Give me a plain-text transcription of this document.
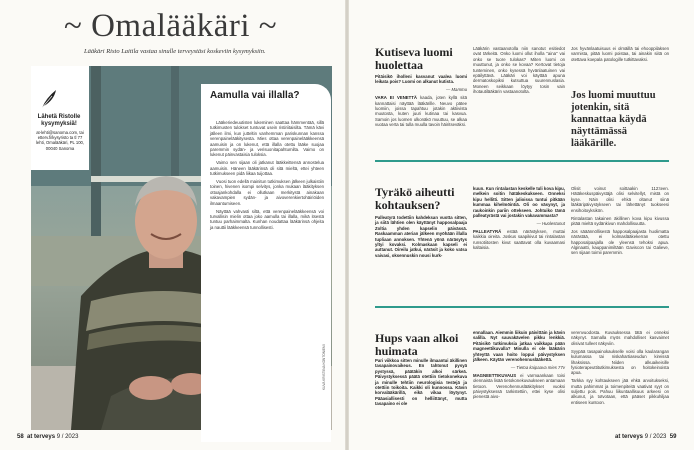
~ Omalääkäri ~
Lääkäri Risto Laitila vastaa sinulle terveystäsi koskeviin kysymyksiin.
Lähetä Ristolle kysymyksiä!
at-lehti@sanoma.com, tai etterv.fi/kysyristo ta tl 77 lehti, Omalääkäri, PL 100, 00040 Sanoma
Aamulla vai illalla?

Lääkeriedeuutisten lukeminen saattaa hämmentää, sillä tutkimusten tulokset tuntuvat usein ristiriitaisilta. Tämä kävi jälleen ilmi, kun jutteltin vanhemman pariskunnan kanssa verenpainelääkitysesta. Mies ottaa verenpainelääkkeensä aamuisin ja on lukenut, että illalla otettu lääke suojaa paremmin sydän- ja verisuonitapahtumilta. Vaimo on lukenut päinvastaisia tuloksia.

Vaimo sen sijaan oli jatkanut lääkkeittensä annostelua aamuisin. Häneen lääkärinsä oli sitä mieltä, ettei yhteen tutkimukseen pidä liikaa tuijottaa.

Vuosi tuon edellä mainitun tutkimuksen jälkeen julkaistiin toinen, hivenen isompi selvitys, jonka mukaan lääkityksen ottoajankohdalla ei ollutkaan merkitystä ainakaan vakavampien sydän- ja aivoverenkiertohäiriöiden ilmaantumiseen.

Näyttää vahvasti siltä, että verenpainelääkkeensä voi turvallisin mielin ottaa joko aamulla tai illalla, mikä itsestä tuntuu parhaimmalta. Kunhan noudattaa lääkärinsä ohjeita ja nauttii lääkkeensä tunnollisesti.

KUVA KRISTIINA KONTONIEMI
58 at terveys 9 / 2023
Kutiseva luomi huolettaa

Pitäisikö iholleni kasvanut vaalea luomi leikata pois? Luomi on alkanut kutista.

— Mammu

VARA EI VENETTÄ kaada, joten kyllä sitä kannattaisi näyttää lääkärille. Neuvo pätee luomiin, joissa tapahtuu jotakin aktiivista muutosta, kuten juuri kutinaa tai kasvua. Samoin jos luomen ulkonäkö muuttuu, se alkaa vuotaa verta tai tulla muulla tavoin häiritseväksi.

Lääkärin vastaanotolla niin sanotut esitiedot ovat tärkeitä. Onko luomi ollut iholla "aina" vai onko se tuore tulokas? Miten luomi on muuttunut, ja onko se kovaa? Kertovat tietoja tunteminen, onko kysessä hyvänlaatuinen vai epäilyttävä. Lääkäri voi käyttää apuna dermatoskopiksi kutsuttua suurennuslasia. Moneen seikkaan löytyy tosin vain ihotautilääkärin vastaanotolta.

Jos hyvänlaatuisuus ei olmäillä tai ehooppilaksen varmista, pitää luomi poistaa, tai ainakin siitä on otettava koepala patologille tutkittavaksi.

Jos luomi muuttuu jotenkin, sitä kannattaa käydä näyttämässä lääkärille.
Tyräkö aiheutti kohtauksen?

Palleatyrä todettiin kahdeksan vuotta sitten, ja siitä lähtien olen käyttänyt happosalpaaja Zoltia yhden kapselin päivässä. Raskaamman aterian jälkeen myöhään illalla tupliaan annoksen. Yhtenä yönä näräsytys yltyi kovaksi. Kolmaskaan kapseli ei auttanut. Oireilu jatkui, näräsit ja koko vatsa vaivasi, oksennuskin nousi kurk-

kuun. Kun rintalastan keskelle tuli kova kipu, melkein soitin hätäkeskukseen. Onneksi kipu hellitti. Sitten jalioissa tuntui pitkään kummaa kihelmöintiä. Oli oo väsynyt, ja raukoinkin pariin ottekseen. Johtuiko tämä palleatyrästä vai jostakin vakavammasta?

— Huolestunut

PALLEATYRÄ estää närästyksen, muttai kaikkia oireita. Joskus saapikivut tai rintalastan runsotiitosten kivut saattavat olla kuvaamasi kaltaisia.

Olisit voinut soittaakin 112:teen. Hätäkeskuspäivystäjä olisi selvitellyt, mistä on kyse. Näin olisi ehkä oltanut siinä lääkäripäivystykseen tai lähettänyt tuokseesi ensihoitoyksikön.

Rintalastan takainen äkillinen kova kipu kivussa pitää mieltä sydänkivun mahdollisuutta.

Jos sääännöllisestä happosalpaajasta huolimatta närästää, ei kolmaslääkekerran otettu happosalpaajalla ole yleensä tehoksi apua. Alginaatti, kauppanimiltään Gaviscon tai Galieve, sen sijaan toimii paremmin.

Hups vaan alkoi huimata

Pari viikkoa sitten minulle ilmaantui äkillinen tasapainovaikeus. En tahtonut pysyä pystyssä, päätäkin alkoi särkeä. Päivystyksessä päätä otettiin tietokonekuva ja minulle tehtiin neurologisia testejä ja otettiin toikoita. Kaikki oli kunnossa. Kävin korvalääkärillä, eikä vikaa löytynyt. Pääasiallisesti on helliittänyt, mutta tasapaino ei ole

ennallaan. Aiemmin liikuin päivittäin ja kävin salilla. Nyt sauvakävelen pikku lenkkiä. Pitäisikö tutkimuksia jatkaa vaikkapa pään magneettikuvalla? Minulla ei ole lääkärin yhteyttä vaan hoito loppui päivystyksen jälkeen. Käytän verenohennuslääkettä.

— Tietoa kaipaava mies 77v

MAGNEETTIKUVAUS ei varmaankaan toisi olennaista lisää tietokonekuvaukseen antamaan tietoon. Verenohennuslääkitykset vuoksi päivystyksessä tarkistettiin, ettei kyse olisi pienestä aivo-

verenvuodosta. Kuvauksessa tätä ei onneksi näkynyt. Samalla myös mahdolliset kasvaimet olisivat tulleet näkyviin.

Syypää tasapainokaukselle voisi olla kaularangan kulumassa tai niskahartiaseudun kireissä lihaksissa. Niiden alkuaikeisille fysioterapeuttitutkimuksesta on hoitokeinoista apua.

Tarkka syy kohtaukseen jää ehkä arvoitukseksi, mutta pahimmat ja toimenpiteitä vaativat syyt on suljettu pois. Pahuu liikuntaallisuus arkeesi on alkunut, ja totvotaan, että pääset pikkuhiljaa entiseen kuntoon.

at terveys 9 / 2023 59
